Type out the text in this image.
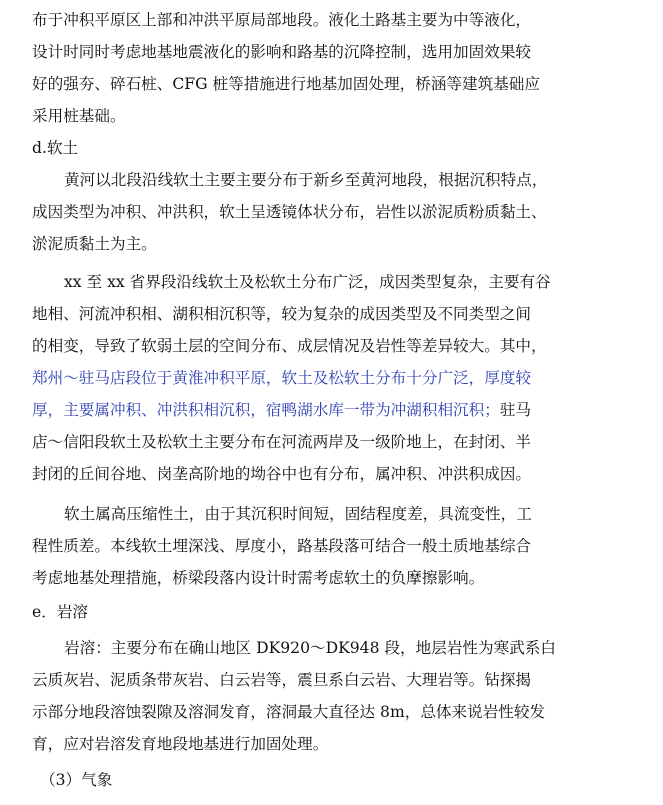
布于冲积平原区上部和冲洪平原局部地段。液化土路基主要为中等液化，
设计时同时考虑地基地震液化的影响和路基的沉降控制，选用加固效果较
好的强夯、碎石桩、CFG 桩等措施进行地基加固处理，桥涵等建筑基础应
采用桩基础。
d.软土
黄河以北段沿线软土主要主要分布于新乡至黄河地段，根据沉积特点，
成因类型为冲积、冲洪积，软土呈透镜体状分布，岩性以淤泥质粉质黏土、
淤泥质黏土为主。
xx 至 xx 省界段沿线软土及松软土分布广泛，成因类型复杂，主要有谷
地相、河流冲积相、湖积相沉积等，较为复杂的成因类型及不同类型之间
的相变，导致了软弱土层的空间分布、成层情况及岩性等差异较大。其中，
郑州～驻马店段位于黄淮冲积平原，软土及松软土分布十分广泛，厚度较
厚，主要属冲积、冲洪积相沉积，宿鸭湖水库一带为冲湖积相沉积；驻马
店～信阳段软土及松软土主要分布在河流两岸及一级阶地上，在封闭、半
封闭的丘间谷地、岗垄高阶地的坳谷中也有分布，属冲积、冲洪积成因。
软土属高压缩性土，由于其沉积时间短，固结程度差，具流变性，工
程性质差。本线软土埋深浅、厚度小，路基段落可结合一般土质地基综合
考虑地基处理措施，桥梁段落内设计时需考虑软土的负摩擦影响。
e．岩溶
岩溶：主要分布在确山地区 DK920～DK948 段，地层岩性为寒武系白
云质灰岩、泥质条带灰岩、白云岩等，震旦系白云岩、大理岩等。钻探揭
示部分地段溶蚀裂隙及溶洞发育，溶洞最大直径达 8m，总体来说岩性较发
育，应对岩溶发育地段地基进行加固处理。
（3）气象
